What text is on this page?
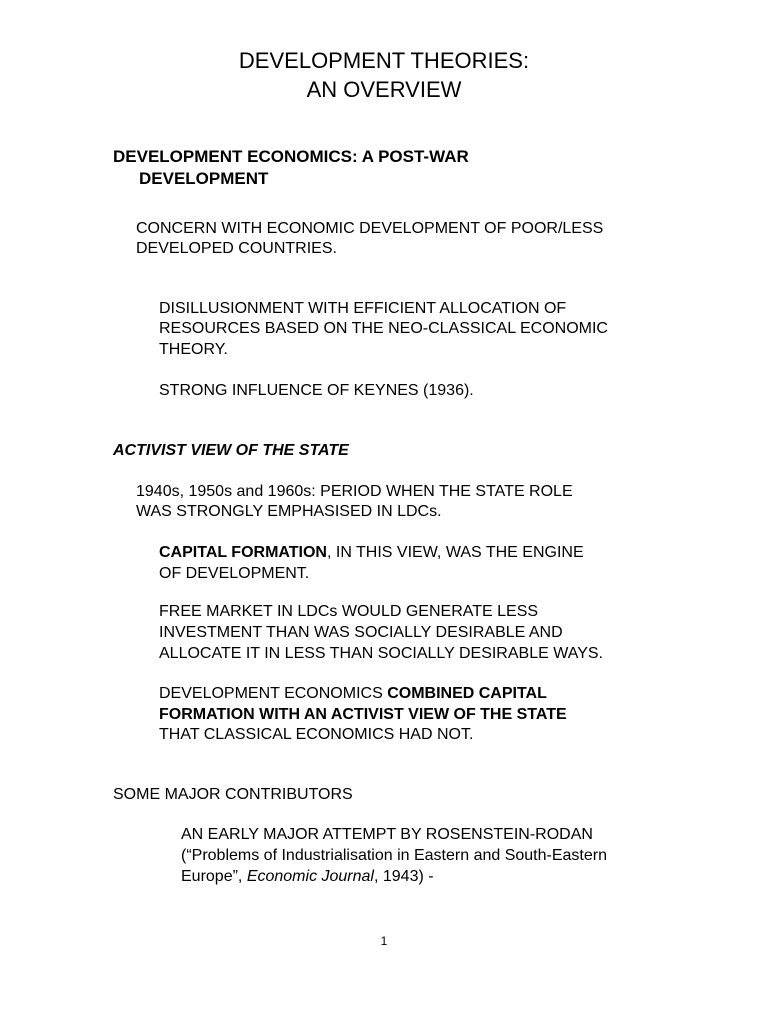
DEVELOPMENT THEORIES:
AN OVERVIEW
DEVELOPMENT ECONOMICS: A POST-WAR
DEVELOPMENT
CONCERN WITH ECONOMIC DEVELOPMENT OF POOR/LESS
DEVELOPED COUNTRIES.
DISILLUSIONMENT WITH EFFICIENT ALLOCATION OF
RESOURCES BASED ON THE NEO-CLASSICAL ECONOMIC
THEORY.
STRONG INFLUENCE OF KEYNES (1936).
ACTIVIST VIEW OF THE STATE
1940s, 1950s and 1960s: PERIOD WHEN THE STATE ROLE
WAS STRONGLY EMPHASISED IN LDCs.
CAPITAL FORMATION, IN THIS VIEW, WAS THE ENGINE
OF DEVELOPMENT.
FREE MARKET IN LDCs WOULD GENERATE LESS
INVESTMENT THAN WAS SOCIALLY DESIRABLE AND
ALLOCATE IT IN LESS THAN SOCIALLY DESIRABLE WAYS.
DEVELOPMENT ECONOMICS COMBINED CAPITAL
FORMATION WITH AN ACTIVIST VIEW OF THE STATE
THAT CLASSICAL ECONOMICS HAD NOT.
SOME MAJOR CONTRIBUTORS
AN EARLY MAJOR ATTEMPT BY ROSENSTEIN-RODAN
(“Problems of Industrialisation in Eastern and South-Eastern
Europe”, Economic Journal, 1943) -
1
